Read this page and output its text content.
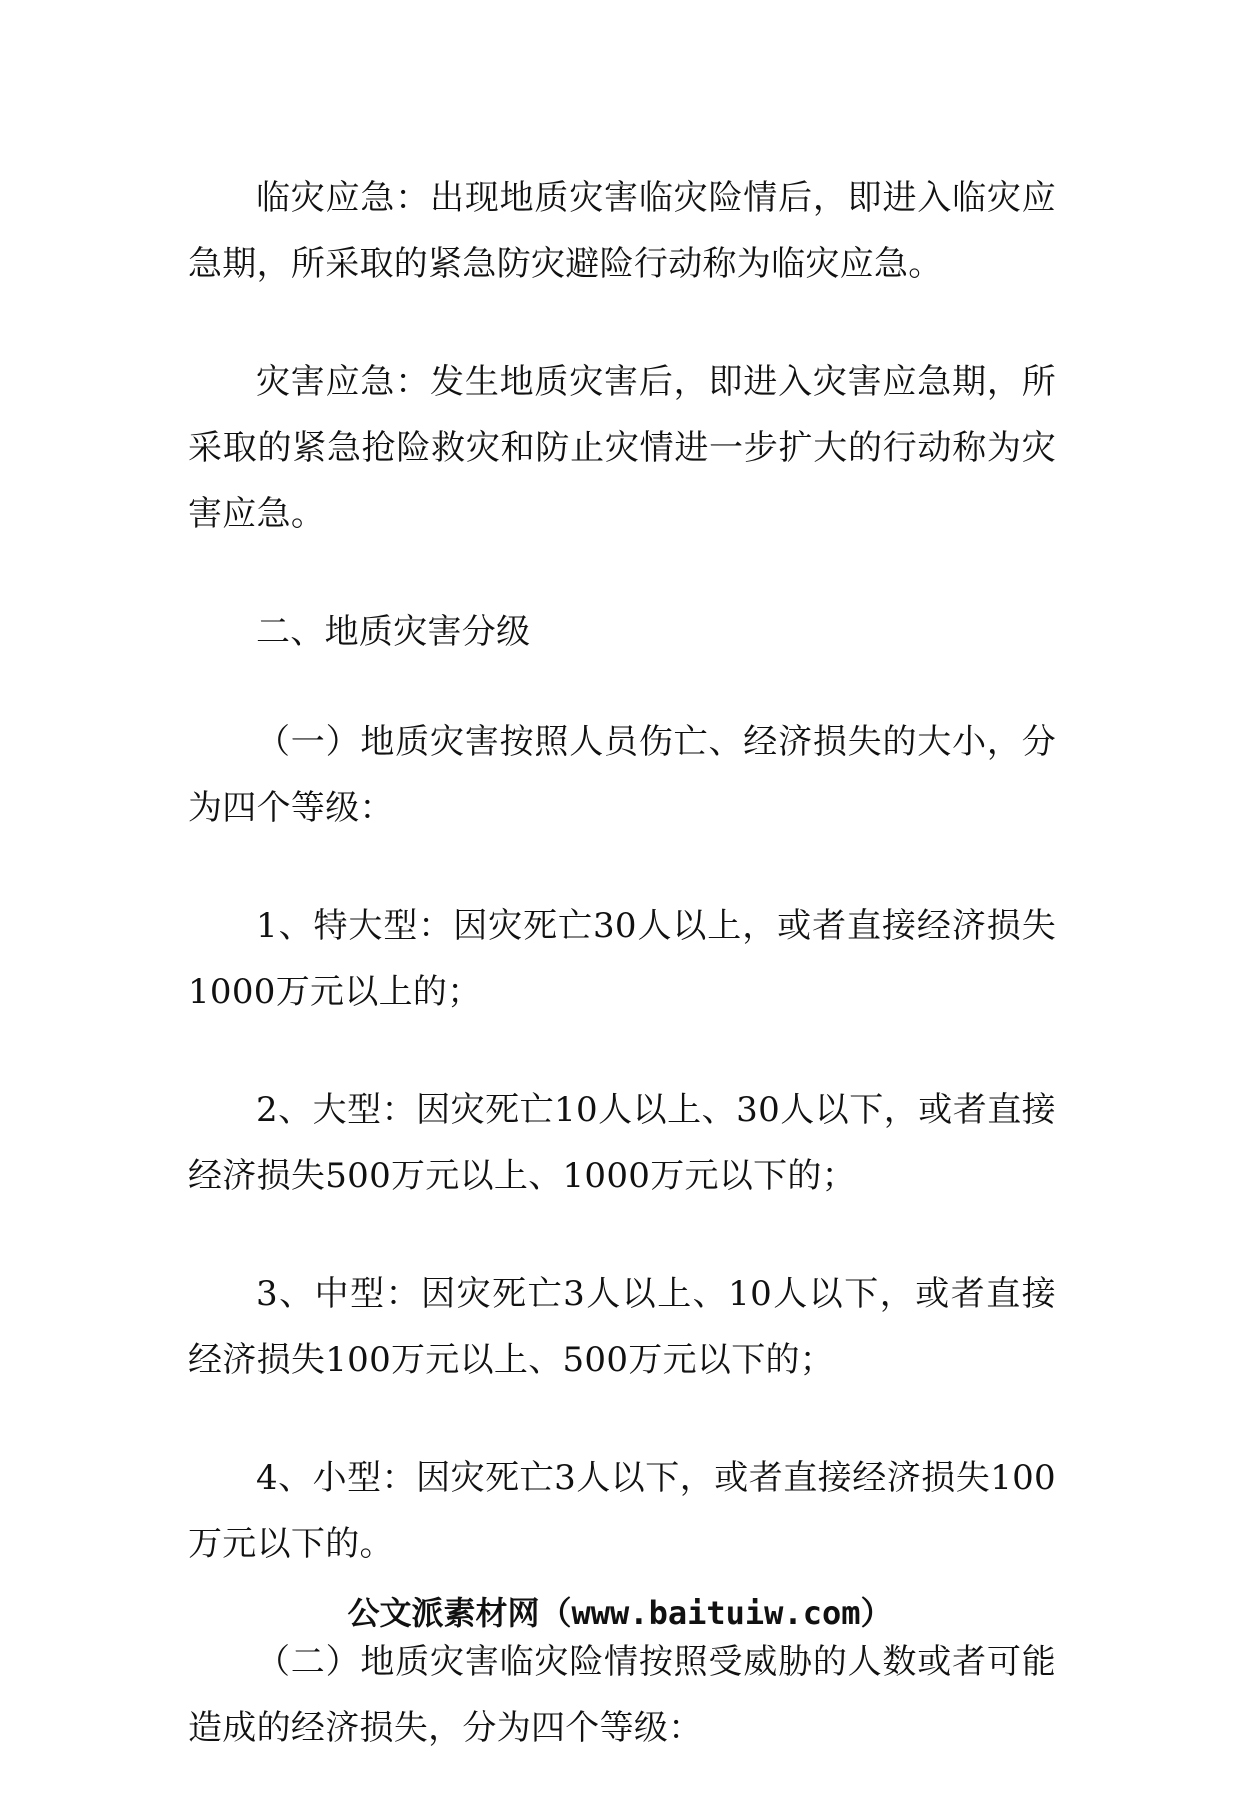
临灾应急：出现地质灾害临灾险情后，即进入临灾应急期，所采取的紧急防灾避险行动称为临灾应急。

灾害应急：发生地质灾害后，即进入灾害应急期，所采取的紧急抢险救灾和防止灾情进一步扩大的行动称为灾害应急。

二、地质灾害分级

（一）地质灾害按照人员伤亡、经济损失的大小，分为四个等级：

1、特大型：因灾死亡30人以上，或者直接经济损失1000万元以上的；

2、大型：因灾死亡10人以上、30人以下，或者直接经济损失500万元以上、1000万元以下的；

3、中型：因灾死亡3人以上、10人以下，或者直接经济损失100万元以上、500万元以下的；

4、小型：因灾死亡3人以下，或者直接经济损失100万元以下的。

（二）地质灾害临灾险情按照受威胁的人数或者可能造成的经济损失，分为四个等级：

公文派素材网（www.baituiw.com）
